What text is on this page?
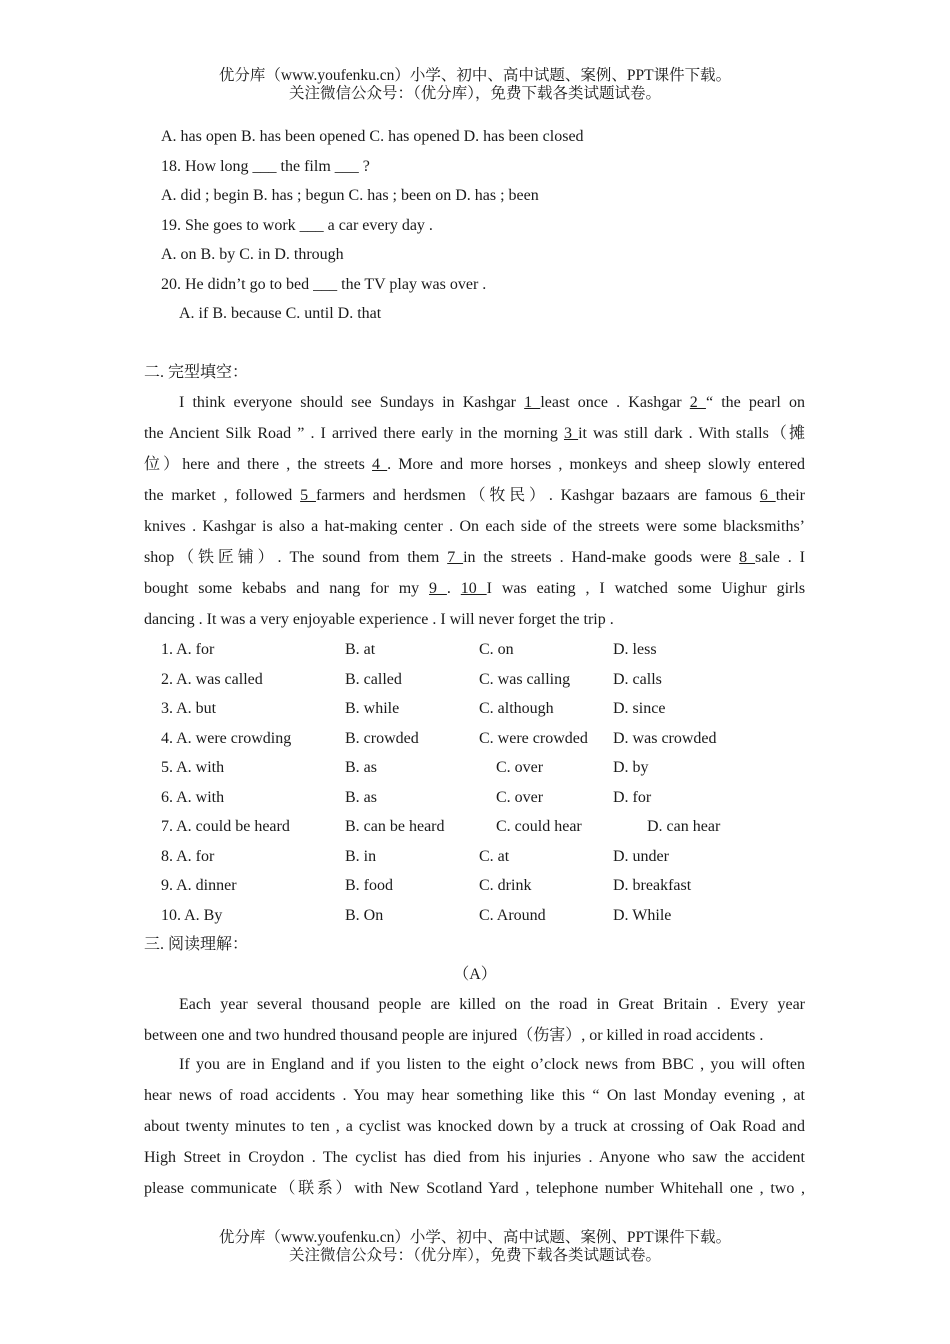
优分库（www.youfenku.cn）小学、初中、高中试题、案例、PPT课件下载。
关注微信公众号：（优分库），免费下载各类试题试卷。
A. has open B. has been opened C. has opened D. has been closed
18. How long ___ the film ___ ?
A. did ; begin B. has ; begun C. has ; been on D. has ; been
19. She goes to work ___ a car every day .
A. on B. by C. in D. through
20. He didn’t go to bed ___ the TV play was over .
A. if B. because C. until D. that
二. 完型填空：
I think everyone should see Sundays in Kashgar 1 least once . Kashgar 2 “ the pearl on
the Ancient Silk Road ” . I arrived there early in the morning 3 it was still dark . With stalls（摊
位）here and there , the streets 4 . More and more horses , monkeys and sheep slowly entered
the market , followed 5 farmers and herdsmen（牧民）. Kashgar bazaars are famous 6 their
knives . Kashgar is also a hat-making center . On each side of the streets were some blacksmiths’
shop（铁匠铺）. The sound from them 7 in the streets . Hand-make goods were 8 sale . I
bought some kebabs and nang for my 9 . 10 I was eating , I watched some Uighur girls
dancing . It was a very enjoyable experience . I will never forget the trip .
1. A. for	B. at	C. on	D. less
2. A. was called	B. called	C. was calling	D. calls
3. A. but	B. while	C. although	D. since
4. A. were crowding	B. crowded	C. were crowded D. was crowded
5. A. with	B. as	C. over	D. by
6. A. with	B. as	C. over	D. for
7. A. could be heard	B. can be heard	C. could hear	D. can hear
8. A. for	B. in	C. at	D. under
9. A. dinner	B. food	C. drink	D. breakfast
10. A. By	B. On	C. Around	D. While
三. 阅读理解：
（A）
Each year several thousand people are killed on the road in Great Britain . Every year
between one and two hundred thousand people are injured（伤害）, or killed in road accidents .
If you are in England and if you listen to the eight o’clock news from BBC , you will often
hear news of road accidents . You may hear something like this “ On last Monday evening , at
about twenty minutes to ten , a cyclist was knocked down by a truck at crossing of Oak Road and
High Street in Croydon . The cyclist has died from his injuries . Anyone who saw the accident
please communicate（联系）with New Scotland Yard , telephone number Whitehall one , two ,
优分库（www.youfenku.cn）小学、初中、高中试题、案例、PPT课件下载。
关注微信公众号：（优分库），免费下载各类试题试卷。
